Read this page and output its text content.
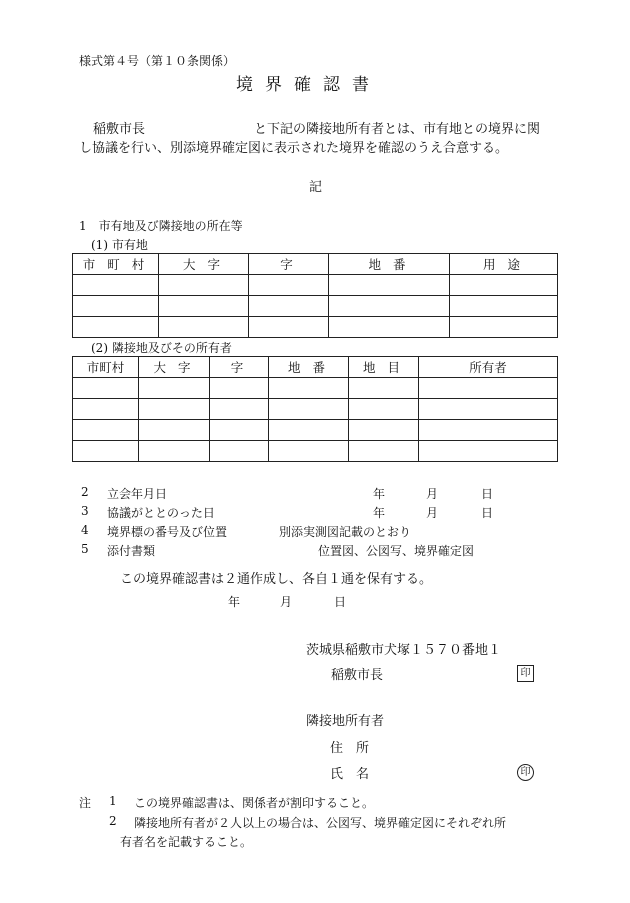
様式第４号（第１０条関係）
境界確認書
稲敷市長	と下記の隣接地所有者とは、市有地との境界に関
し協議を行い、別添境界確定図に表示された境界を確認のうえ合意する。
記
1　市有地及び隣接地の所在等
(1) 市有地
市 町 村	大 字	字	地 番	用 途

(2) 隣接地及びその所有者
市町村	大 字	字	地 番	地 目	所有者

2 立会年月日	年	月	日
3 協議がととのった日	年	月	日
4 境界標の番号及び位置	別添実測図記載のとおり
5 添付書類	位置図、公図写、境界確定図
この境界確認書は２通作成し、各自１通を保有する。
年	月	日
茨城県稲敷市犬塚１５７０番地１
稲敷市長	印
隣接地所有者
住　所
氏　名	印
注 1 この境界確認書は、関係者が割印すること。
2 隣接地所有者が２人以上の場合は、公図写、境界確定図にそれぞれ所
有者名を記載すること。
